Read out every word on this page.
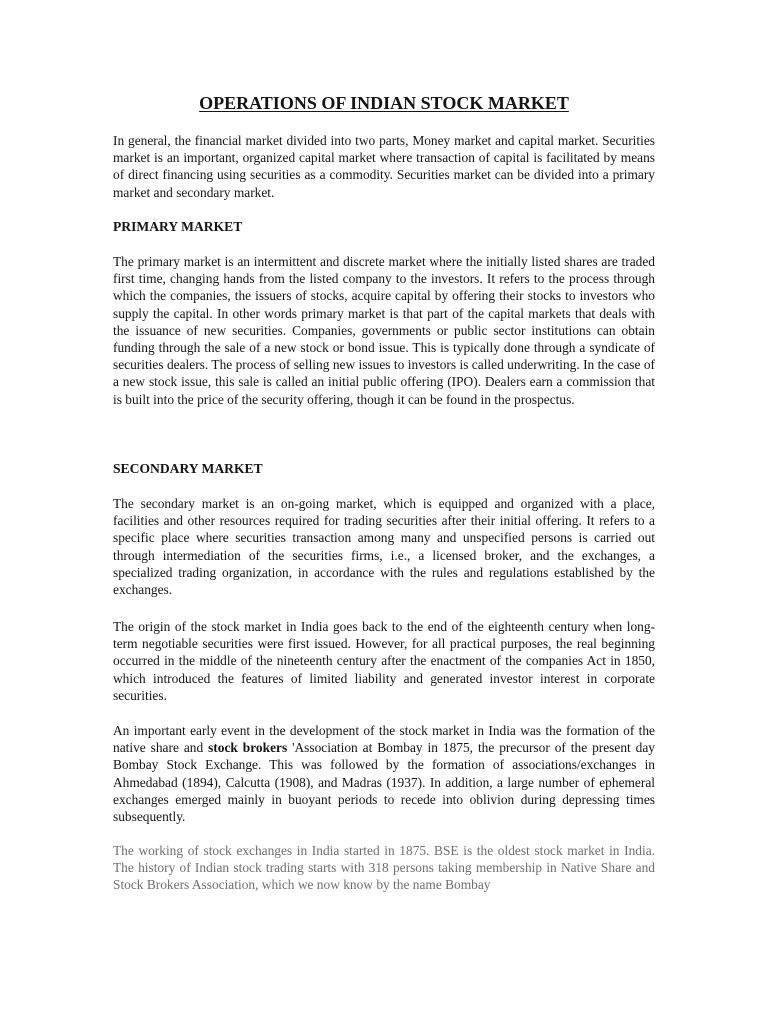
OPERATIONS OF INDIAN STOCK MARKET

In general, the financial market divided into two parts, Money market and capital market. Securities market is an important, organized capital market where transaction of capital is facilitated by means of direct financing using securities as a commodity. Securities market can be divided into a primary market and secondary market.

PRIMARY MARKET

The primary market is an intermittent and discrete market where the initially listed shares are traded first time, changing hands from the listed company to the investors. It refers to the process through which the companies, the issuers of stocks, acquire capital by offering their stocks to investors who supply the capital. In other words primary market is that part of the capital markets that deals with the issuance of new securities. Companies, governments or public sector institutions can obtain funding through the sale of a new stock or bond issue. This is typically done through a syndicate of securities dealers. The process of selling new issues to investors is called underwriting. In the case of a new stock issue, this sale is called an initial public offering (IPO). Dealers earn a commission that is built into the price of the security offering, though it can be found in the prospectus.

SECONDARY MARKET

The secondary market is an on-going market, which is equipped and organized with a place, facilities and other resources required for trading securities after their initial offering. It refers to a specific place where securities transaction among many and unspecified persons is carried out through intermediation of the securities firms, i.e., a licensed broker, and the exchanges, a specialized trading organization, in accordance with the rules and regulations established by the exchanges.

The origin of the stock market in India goes back to the end of the eighteenth century when long-term negotiable securities were first issued. However, for all practical purposes, the real beginning occurred in the middle of the nineteenth century after the enactment of the companies Act in 1850, which introduced the features of limited liability and generated investor interest in corporate securities.

An important early event in the development of the stock market in India was the formation of the native share and stock brokers 'Association at Bombay in 1875, the precursor of the present day Bombay Stock Exchange. This was followed by the formation of associations/exchanges in Ahmedabad (1894), Calcutta (1908), and Madras (1937). In addition, a large number of ephemeral exchanges emerged mainly in buoyant periods to recede into oblivion during depressing times subsequently.

The working of stock exchanges in India started in 1875. BSE is the oldest stock market in India. The history of Indian stock trading starts with 318 persons taking membership in Native Share and Stock Brokers Association, which we now know by the name Bombay
